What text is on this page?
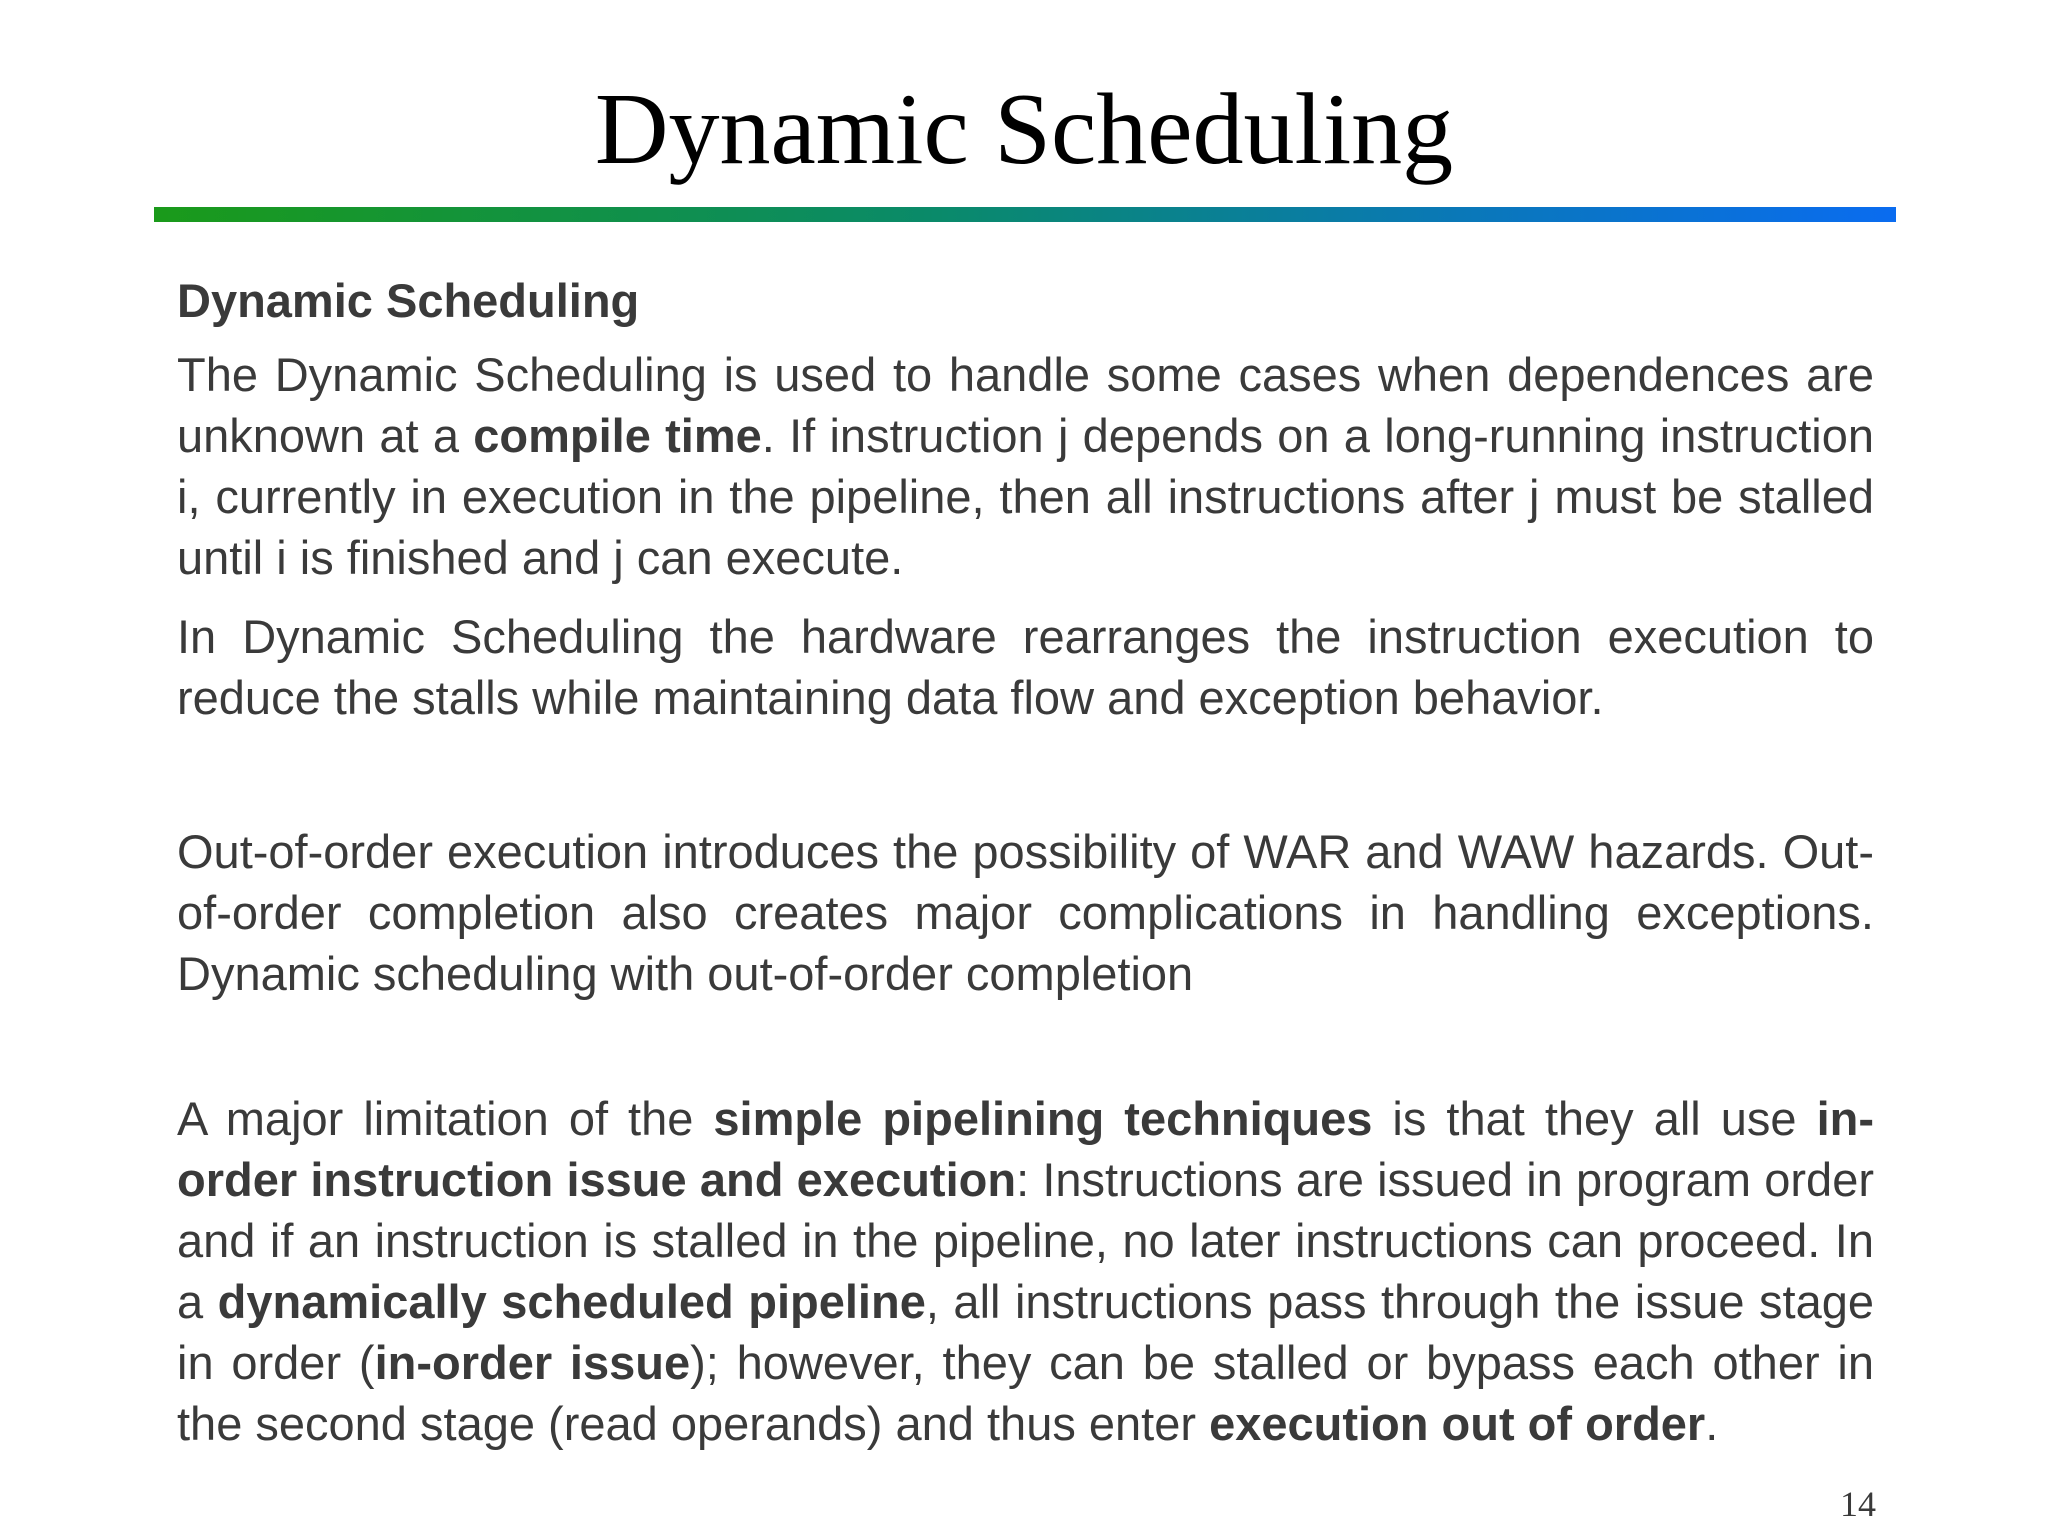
Dynamic Scheduling

Dynamic Scheduling

The Dynamic Scheduling is used to handle some cases when dependences are unknown at a compile time. If instruction j depends on a long-running instruction i, currently in execution in the pipeline, then all instructions after j must be stalled until i is finished and j can execute.

In Dynamic Scheduling the hardware rearranges the instruction execution to reduce the stalls while maintaining data flow and exception behavior.

Out-of-order execution introduces the possibility of WAR and WAW hazards. Out-of-order completion also creates major complications in handling exceptions. Dynamic scheduling with out-of-order completion

A major limitation of the simple pipelining techniques is that they all use in-order instruction issue and execution: Instructions are issued in program order and if an instruction is stalled in the pipeline, no later instructions can proceed. In a dynamically scheduled pipeline, all instructions pass through the issue stage in order (in-order issue); however, they can be stalled or bypass each other in the second stage (read operands) and thus enter execution out of order.

14
